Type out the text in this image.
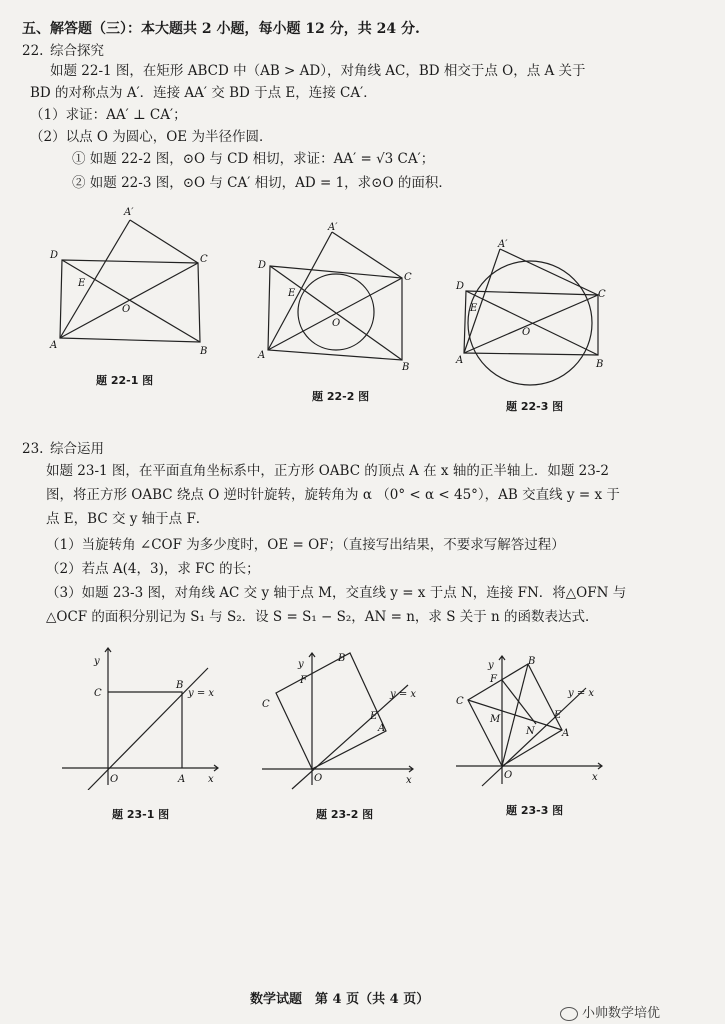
五、解答题（三）：本大题共 2 小题，每小题 12 分，共 24 分.
22. 综合探究
如题 22-1 图，在矩形 ABCD 中（AB > AD），对角线 AC，BD 相交于点 O，点 A 关于
BD 的对称点为 A′．连接 AA′ 交 BD 于点 E，连接 CA′．
（1）求证：AA′ ⊥ CA′；
（2）以点 O 为圆心，OE 为半径作圆．
① 如题 22-2 图，⊙O 与 CD 相切，求证：AA′ = √3 CA′；
② 如题 22-3 图，⊙O 与 CA′ 相切，AD = 1，求⊙O 的面积．
A′
D	C
E
O
A
B
题 22-1 图
A′
D
C
E
O
A
B
题 22-2 图
A′
D
C
E
O
A	B
题 22-3 图
23. 综合运用
如题 23-1 图，在平面直角坐标系中，正方形 OABC 的顶点 A 在 x 轴的正半轴上．如题 23-2
图，将正方形 OABC 绕点 O 逆时针旋转，旋转角为 α （0° < α < 45°），AB 交直线 y = x 于
点 E，BC 交 y 轴于点 F．
（1）当旋转角 ∠COF 为多少度时，OE = OF；（直接写出结果，不要求写解答过程）
（2）若点 A(4，3)，求 FC 的长；
（3）如题 23-3 图，对角线 AC 交 y 轴于点 M，交直线 y = x 于点 N，连接 FN．将△OFN 与
△OCF 的面积分别记为 S₁ 与 S₂．设 S = S₁ − S₂，AN = n，求 S 关于 n 的函数表达式．
y
C
B
y = x
O	A x
题 23-1 图
y
F
B
C
y = x
E
A
O	x
题 23-2 图
y
F
B
C
y = x
M	E
N	A
O	x
题 23-3 图
数学试题　第 4 页（共 4 页）
小帅数学培优
